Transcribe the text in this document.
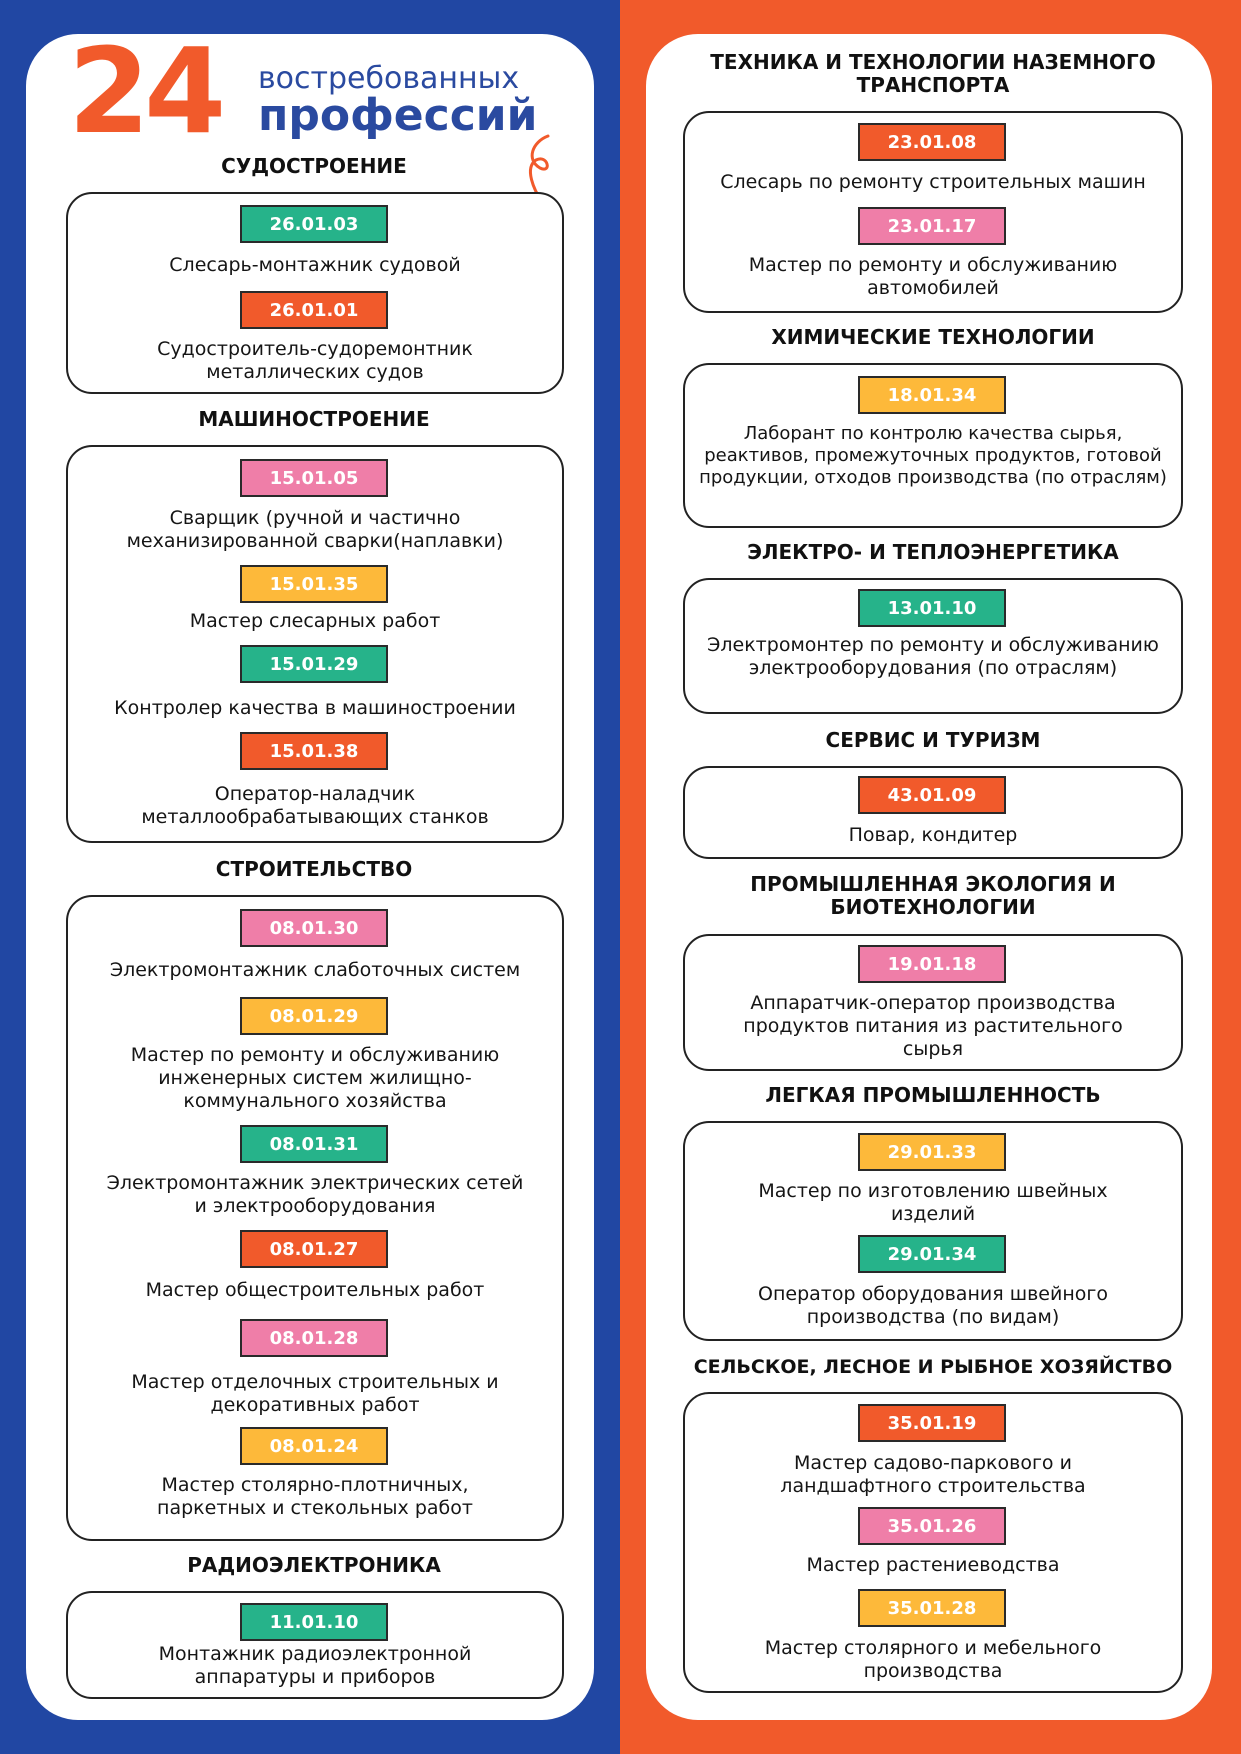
24 востребованных
профессий
СУДОСТРОЕНИЕ
26.01.03
Слесарь-монтажник судовой
26.01.01
Судостроитель-судоремонтник металлических судов
МАШИНОСТРОЕНИЕ
15.01.05
Сварщик (ручной и частично механизированной сварки(наплавки)
15.01.35
Мастер слесарных работ
15.01.29
Контролер качества в машиностроении
15.01.38
Оператор-наладчик металлообрабатывающих станков
СТРОИТЕЛЬСТВО
08.01.30
Электромонтажник слаботочных систем
08.01.29
Мастер по ремонту и обслуживанию инженерных систем жилищно-коммунального хозяйства
08.01.31
Электромонтажник электрических сетей и электрооборудования
08.01.27
Мастер общестроительных работ
08.01.28
Мастер отделочных строительных и декоративных работ
08.01.24
Мастер столярно-плотничных, паркетных и стекольных работ
РАДИОЭЛЕКТРОНИКА
11.01.10
Монтажник радиоэлектронной аппаратуры и приборов
ТЕХНИКА И ТЕХНОЛОГИИ НАЗЕМНОГО ТРАНСПОРТА
23.01.08
Слесарь по ремонту строительных машин
23.01.17
Мастер по ремонту и обслуживанию автомобилей
ХИМИЧЕСКИЕ ТЕХНОЛОГИИ
18.01.34
Лаборант по контролю качества сырья, реактивов, промежуточных продуктов, готовой продукции, отходов производства (по отраслям)
ЭЛЕКТРО- И ТЕПЛОЭНЕРГЕТИКА
13.01.10
Электромонтер по ремонту и обслуживанию электрооборудования (по отраслям)
СЕРВИС И ТУРИЗМ
43.01.09
Повар, кондитер
ПРОМЫШЛЕННАЯ ЭКОЛОГИЯ И БИОТЕХНОЛОГИИ
19.01.18
Аппаратчик-оператор производства продуктов питания из растительного сырья
ЛЕГКАЯ ПРОМЫШЛЕННОСТЬ
29.01.33
Мастер по изготовлению швейных изделий
29.01.34
Оператор оборудования швейного производства (по видам)
СЕЛЬСКОЕ, ЛЕСНОЕ И РЫБНОЕ ХОЗЯЙСТВО
35.01.19
Мастер садово-паркового и ландшафтного строительства
35.01.26
Мастер растениеводства
35.01.28
Мастер столярного и мебельного производства
